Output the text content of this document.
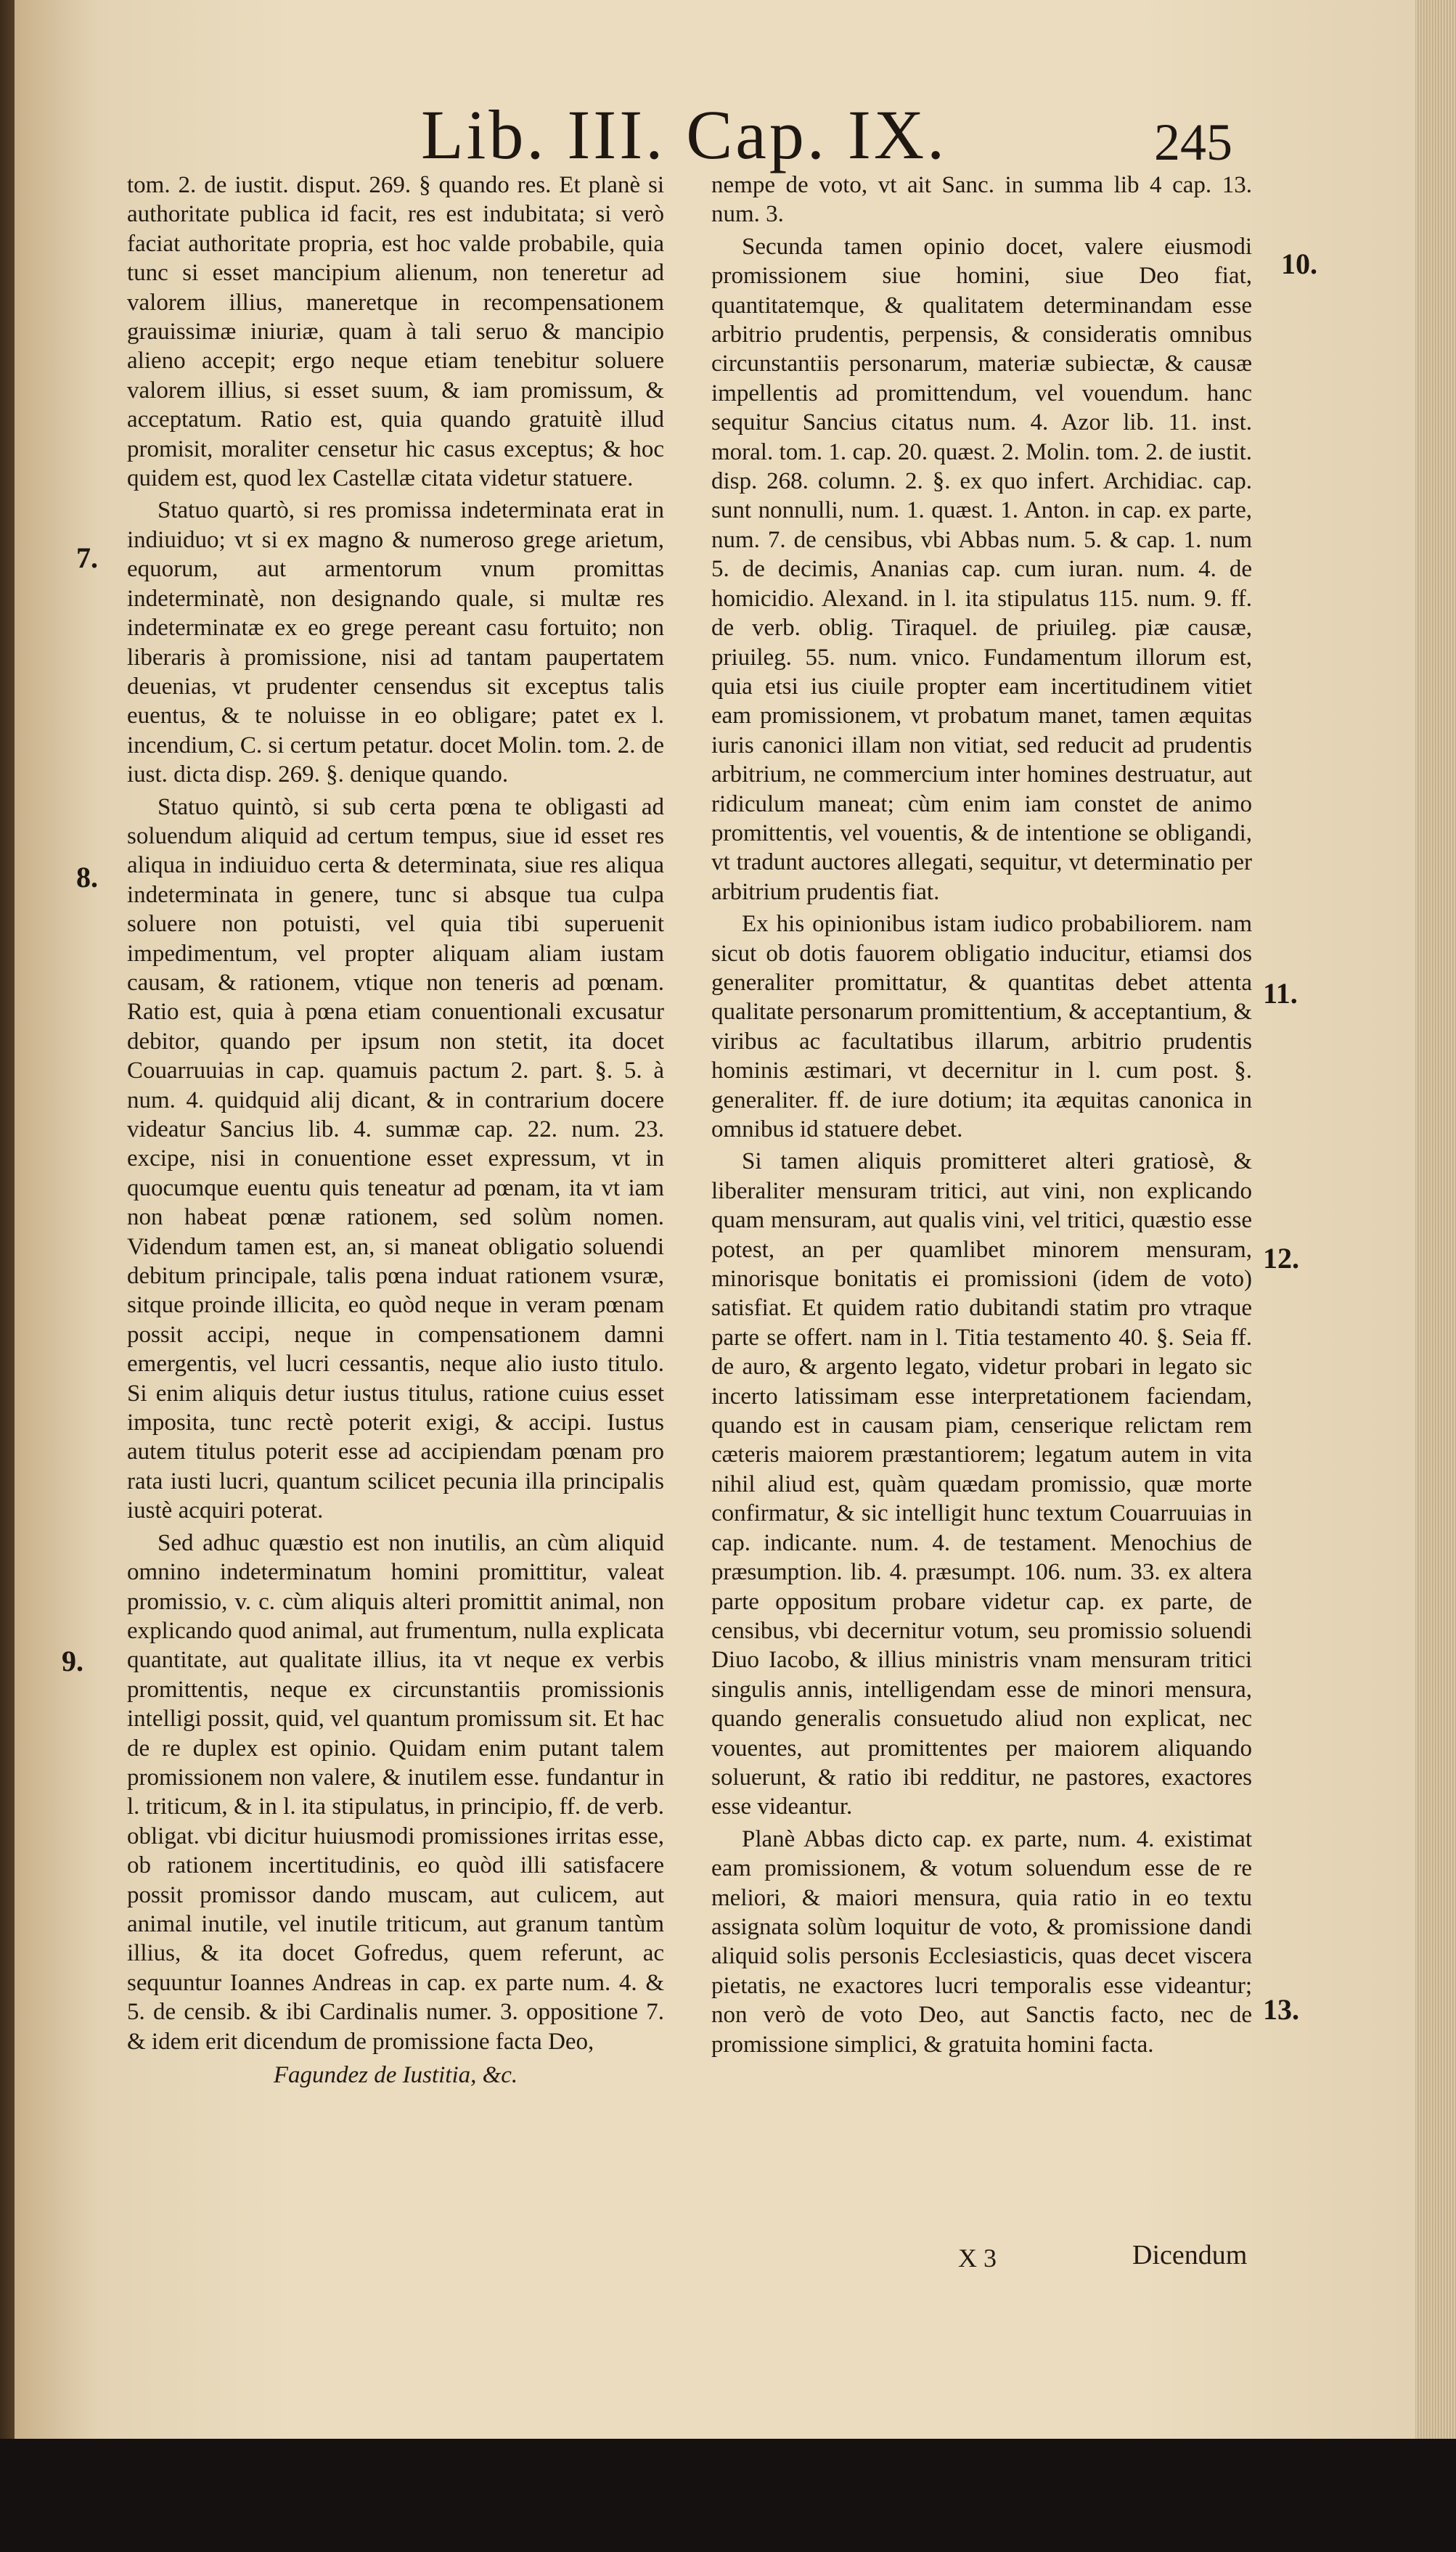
Lib. III. Cap. IX.	245
7.
8.
9.
10.
11.
12.
13.

tom. 2. de iustit. disput. 269. § quando res. Et planè si authoritate publica id facit, res est indubitata; si verò faciat authoritate propria, est hoc valde probabile, quia tunc si esset mancipium alienum, non teneretur ad valorem illius, maneretque in recompensationem grauissimæ iniuriæ, quam à tali seruo & mancipio alieno accepit; ergo neque etiam tenebitur soluere valorem illius, si esset suum, & iam promissum, & acceptatum. Ratio est, quia quando gratuitè illud promisit, moraliter censetur hic casus exceptus; & hoc quidem est, quod lex Castellæ citata videtur statuere.

Statuo quartò, si res promissa indeterminata erat in indiuiduo; vt si ex magno & numeroso grege arietum, equorum, aut armentorum vnum promittas indeterminatè, non designando quale, si multæ res indeterminatæ ex eo grege pereant casu fortuito; non liberaris à promissione, nisi ad tantam paupertatem deuenias, vt prudenter censendus sit exceptus talis euentus, & te noluisse in eo obligare; patet ex l. incendium, C. si certum petatur. docet Molin. tom. 2. de iust. dicta disp. 269. §. denique quando.

Statuo quintò, si sub certa pœna te obligasti ad soluendum aliquid ad certum tempus, siue id esset res aliqua in indiuiduo certa & determinata, siue res aliqua indeterminata in genere, tunc si absque tua culpa soluere non potuisti, vel quia tibi superuenit impedimentum, vel propter aliquam aliam iustam causam, & rationem, vtique non teneris ad pœnam. Ratio est, quia à pœna etiam conuentionali excusatur debitor, quando per ipsum non stetit, ita docet Couarruuias in cap. quamuis pactum 2. part. §. 5. à num. 4. quidquid alij dicant, & in contrarium docere videatur Sancius lib. 4. summæ cap. 22. num. 23. excipe, nisi in conuentione esset expressum, vt in quocumque euentu quis teneatur ad pœnam, ita vt iam non habeat pœnæ rationem, sed solùm nomen. Videndum tamen est, an, si maneat obligatio soluendi debitum principale, talis pœna induat rationem vsuræ, sitque proinde illicita, eo quòd neque in veram pœnam possit accipi, neque in compensationem damni emergentis, vel lucri cessantis, neque alio iusto titulo. Si enim aliquis detur iustus titulus, ratione cuius esset imposita, tunc rectè poterit exigi, & accipi. Iustus autem titulus poterit esse ad accipiendam pœnam pro rata iusti lucri, quantum scilicet pecunia illa principalis iustè acquiri poterat.

Sed adhuc quæstio est non inutilis, an cùm aliquid omnino indeterminatum homini promittitur, valeat promissio, v. c. cùm aliquis alteri promittit animal, non explicando quod animal, aut frumentum, nulla explicata quantitate, aut qualitate illius, ita vt neque ex verbis promittentis, neque ex circunstantiis promissionis intelligi possit, quid, vel quantum promissum sit. Et hac de re duplex est opinio. Quidam enim putant talem promissionem non valere, & inutilem esse. fundantur in l. triticum, & in l. ita stipulatus, in principio, ff. de verb. obligat. vbi dicitur huiusmodi promissiones irritas esse, ob rationem incertitudinis, eo quòd illi satisfacere possit promissor dando muscam, aut culicem, aut animal inutile, vel inutile triticum, aut granum tantùm illius, & ita docet Gofredus, quem referunt, ac sequuntur Ioannes Andreas in cap. ex parte num. 4. & 5. de censib. & ibi Cardinalis numer. 3. oppositione 7. & idem erit dicendum de promissione facta Deo,

Fagundez de Iustitia, &c.

nempe de voto, vt ait Sanc. in summa lib 4 cap. 13. num. 3.

Secunda tamen opinio docet, valere eiusmodi promissionem siue homini, siue Deo fiat, quantitatemque, & qualitatem determinandam esse arbitrio prudentis, perpensis, & consideratis omnibus circunstantiis personarum, materiæ subiectæ, & causæ impellentis ad promittendum, vel vouendum. hanc sequitur Sancius citatus num. 4. Azor lib. 11. inst. moral. tom. 1. cap. 20. quæst. 2. Molin. tom. 2. de iustit. disp. 268. column. 2. §. ex quo infert. Archidiac. cap. sunt nonnulli, num. 1. quæst. 1. Anton. in cap. ex parte, num. 7. de censibus, vbi Abbas num. 5. & cap. 1. num 5. de decimis, Ananias cap. cum iuran. num. 4. de homicidio. Alexand. in l. ita stipulatus 115. num. 9. ff. de verb. oblig. Tiraquel. de priuileg. piæ causæ, priuileg. 55. num. vnico. Fundamentum illorum est, quia etsi ius ciuile propter eam incertitudinem vitiet eam promissionem, vt probatum manet, tamen æquitas iuris canonici illam non vitiat, sed reducit ad prudentis arbitrium, ne commercium inter homines destruatur, aut ridiculum maneat; cùm enim iam constet de animo promittentis, vel vouentis, & de intentione se obligandi, vt tradunt auctores allegati, sequitur, vt determinatio per arbitrium prudentis fiat.

Ex his opinionibus istam iudico probabiliorem. nam sicut ob dotis fauorem obligatio inducitur, etiamsi dos generaliter promittatur, & quantitas debet attenta qualitate personarum promittentium, & acceptantium, & viribus ac facultatibus illarum, arbitrio prudentis hominis æstimari, vt decernitur in l. cum post. §. generaliter. ff. de iure dotium; ita æquitas canonica in omnibus id statuere debet.

Si tamen aliquis promitteret alteri gratiosè, & liberaliter mensuram tritici, aut vini, non explicando quam mensuram, aut qualis vini, vel tritici, quæstio esse potest, an per quamlibet minorem mensuram, minorisque bonitatis ei promissioni (idem de voto) satisfiat. Et quidem ratio dubitandi statim pro vtraque parte se offert. nam in l. Titia testamento 40. §. Seia ff. de auro, & argento legato, videtur probari in legato sic incerto latissimam esse interpretationem faciendam, quando est in causam piam, censerique relictam rem cæteris maiorem præstantiorem; legatum autem in vita nihil aliud est, quàm quædam promissio, quæ morte confirmatur, & sic intelligit hunc textum Couarruuias in cap. indicante. num. 4. de testament. Menochius de præsumption. lib. 4. præsumpt. 106. num. 33. ex altera parte oppositum probare videtur cap. ex parte, de censibus, vbi decernitur votum, seu promissio soluendi Diuo Iacobo, & illius ministris vnam mensuram tritici singulis annis, intelligendam esse de minori mensura, quando generalis consuetudo aliud non explicat, nec vouentes, aut promittentes per maiorem aliquando soluerunt, & ratio ibi redditur, ne pastores, exactores esse videantur.

Planè Abbas dicto cap. ex parte, num. 4. existimat eam promissionem, & votum soluendum esse de re meliori, & maiori mensura, quia ratio in eo textu assignata solùm loquitur de voto, & promissione dandi aliquid solis personis Ecclesiasticis, quas decet viscera pietatis, ne exactores lucri temporalis esse videantur; non verò de voto Deo, aut Sanctis facto, nec de promissione simplici, & gratuita homini facta.

X 3	Dicendum
